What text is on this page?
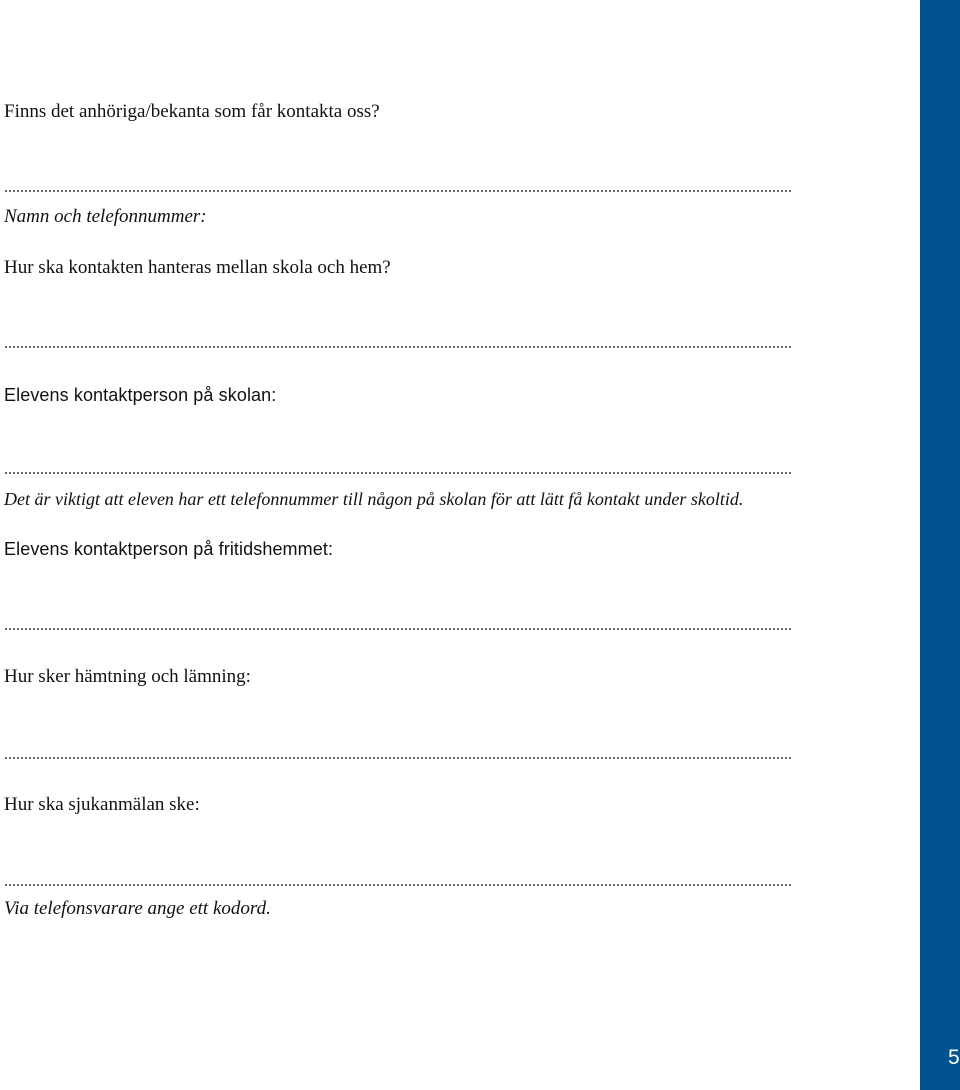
Finns det anhöriga/bekanta som får kontakta oss?
Namn och telefonnummer:
Hur ska kontakten hanteras mellan skola och hem?
Elevens kontaktperson på skolan:
Det är viktigt att eleven har ett telefonnummer till någon på skolan för att lätt få kontakt under skoltid.
Elevens kontaktperson på fritidshemmet:
Hur sker hämtning och lämning:
Hur ska sjukanmälan ske:
Via telefonsvarare ange ett kodord.
5
